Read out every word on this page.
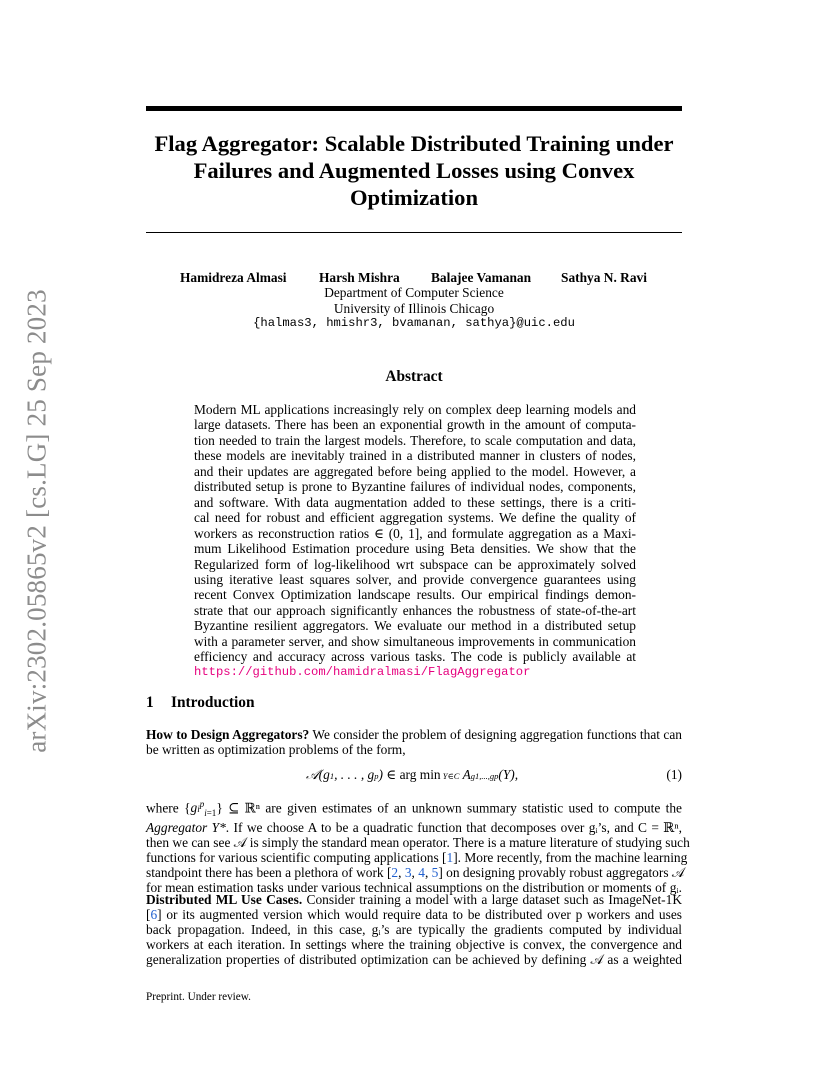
arXiv:2302.05865v2 [cs.LG] 25 Sep 2023
Flag Aggregator: Scalable Distributed Training under
Failures and Augmented Losses using Convex
Optimization
Hamidreza Almasi Harsh Mishra Balajee Vamanan Sathya N. Ravi
Department of Computer Science
University of Illinois Chicago
{halmas3, hmishr3, bvamanan, sathya}@uic.edu
Abstract
Modern ML applications increasingly rely on complex deep learning models and
large datasets. There has been an exponential growth in the amount of computa-
tion needed to train the largest models. Therefore, to scale computation and data,
these models are inevitably trained in a distributed manner in clusters of nodes,
and their updates are aggregated before being applied to the model. However, a
distributed setup is prone to Byzantine failures of individual nodes, components,
and software. With data augmentation added to these settings, there is a criti-
cal need for robust and efficient aggregation systems. We define the quality of
workers as reconstruction ratios ∈ (0, 1], and formulate aggregation as a Maxi-
mum Likelihood Estimation procedure using Beta densities. We show that the
Regularized form of log-likelihood wrt subspace can be approximately solved
using iterative least squares solver, and provide convergence guarantees using
recent Convex Optimization landscape results. Our empirical findings demon-
strate that our approach significantly enhances the robustness of state-of-the-art
Byzantine resilient aggregators. We evaluate our method in a distributed setup
with a parameter server, and show simultaneous improvements in communication
efficiency and accuracy across various tasks. The code is publicly available at
https://github.com/hamidralmasi/FlagAggregator
1 Introduction
How to Design Aggregators? We consider the problem of designing aggregation functions that can
be written as optimization problems of the form,
𝒜(g1, . . . , gp) ∈ arg min Y∈C Ag1,...,gp(Y),	(1)
where $\{gi^p_{i=1}\}$ ⊆ ℝⁿ are given estimates of an unknown summary statistic used to compute the
Aggregator Y*. If we choose A to be a quadratic function that decomposes over gᵢ’s, and C = ℝⁿ,
then we can see 𝒜 is simply the standard mean operator. There is a mature literature of studying such
functions for various scientific computing applications [1]. More recently, from the machine learning
standpoint there has been a plethora of work [2, 3, 4, 5] on designing provably robust aggregators 𝒜
for mean estimation tasks under various technical assumptions on the distribution or moments of gᵢ.
Distributed ML Use Cases. Consider training a model with a large dataset such as ImageNet-1K
[6] or its augmented version which would require data to be distributed over p workers and uses
back propagation. Indeed, in this case, gᵢ’s are typically the gradients computed by individual
workers at each iteration. In settings where the training objective is convex, the convergence and
generalization properties of distributed optimization can be achieved by defining 𝒜 as a weighted
Preprint. Under review.
